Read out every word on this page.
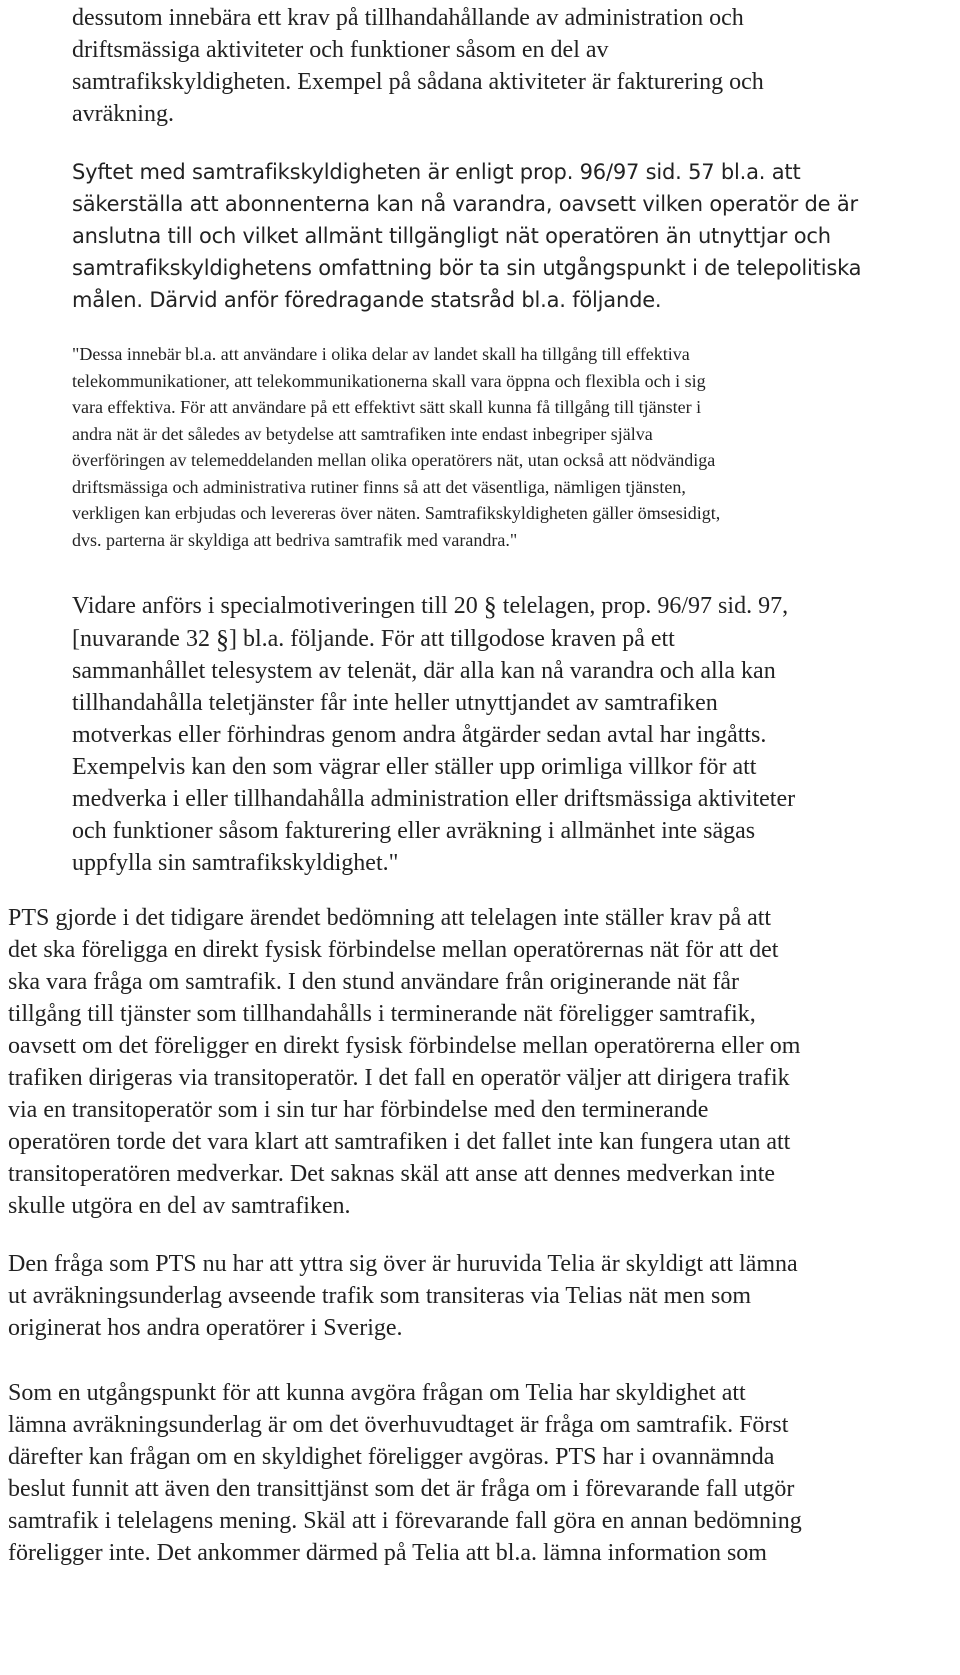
dessutom innebära ett krav på tillhandahållande av administration och
driftsmässiga aktiviteter och funktioner såsom en del av
samtrafikskyldigheten. Exempel på sådana aktiviteter är fakturering och
avräkning.

Syftet med samtrafikskyldigheten är enligt prop. 96/97 sid. 57 bl.a. att
säkerställa att abonnenterna kan nå varandra, oavsett vilken operatör de är
anslutna till och vilket allmänt tillgängligt nät operatören än utnyttjar och
samtrafikskyldighetens omfattning bör ta sin utgångspunkt i de telepolitiska
målen. Därvid anför föredragande statsråd bl.a. följande.

"Dessa innebär bl.a. att användare i olika delar av landet skall ha tillgång till effektiva
telekommunikationer, att telekommunikationerna skall vara öppna och flexibla och i sig
vara effektiva. För att användare på ett effektivt sätt skall kunna få tillgång till tjänster i
andra nät är det således av betydelse att samtrafiken inte endast inbegriper själva
överföringen av telemeddelanden mellan olika operatörers nät, utan också att nödvändiga
driftsmässiga och administrativa rutiner finns så att det väsentliga, nämligen tjänsten,
verkligen kan erbjudas och levereras över näten. Samtrafikskyldigheten gäller ömsesidigt,
dvs. parterna är skyldiga att bedriva samtrafik med varandra."

Vidare anförs i specialmotiveringen till 20 § telelagen, prop. 96/97 sid. 97,
[nuvarande 32 §] bl.a. följande. För att tillgodose kraven på ett
sammanhållet telesystem av telenät, där alla kan nå varandra och alla kan
tillhandahålla teletjänster får inte heller utnyttjandet av samtrafiken
motverkas eller förhindras genom andra åtgärder sedan avtal har ingåtts.
Exempelvis kan den som vägrar eller ställer upp orimliga villkor för att
medverka i eller tillhandahålla administration eller driftsmässiga aktiviteter
och funktioner såsom fakturering eller avräkning i allmänhet inte sägas
uppfylla sin samtrafikskyldighet."

PTS gjorde i det tidigare ärendet bedömning att telelagen inte ställer krav på att
det ska föreligga en direkt fysisk förbindelse mellan operatörernas nät för att det
ska vara fråga om samtrafik. I den stund användare från originerande nät får
tillgång till tjänster som tillhandahålls i terminerande nät föreligger samtrafik,
oavsett om det föreligger en direkt fysisk förbindelse mellan operatörerna eller om
trafiken dirigeras via transitoperatör. I det fall en operatör väljer att dirigera trafik
via en transitoperatör som i sin tur har förbindelse med den terminerande
operatören torde det vara klart att samtrafiken i det fallet inte kan fungera utan att
transitoperatören medverkar. Det saknas skäl att anse att dennes medverkan inte
skulle utgöra en del av samtrafiken.

Den fråga som PTS nu har att yttra sig över är huruvida Telia är skyldigt att lämna
ut avräkningsunderlag avseende trafik som transiteras via Telias nät men som
originerat hos andra operatörer i Sverige.

Som en utgångspunkt för att kunna avgöra frågan om Telia har skyldighet att
lämna avräkningsunderlag är om det överhuvudtaget är fråga om samtrafik. Först
därefter kan frågan om en skyldighet föreligger avgöras. PTS har i ovannämnda
beslut funnit att även den transittjänst som det är fråga om i förevarande fall utgör
samtrafik i telelagens mening. Skäl att i förevarande fall göra en annan bedömning
föreligger inte. Det ankommer därmed på Telia att bl.a. lämna information som
